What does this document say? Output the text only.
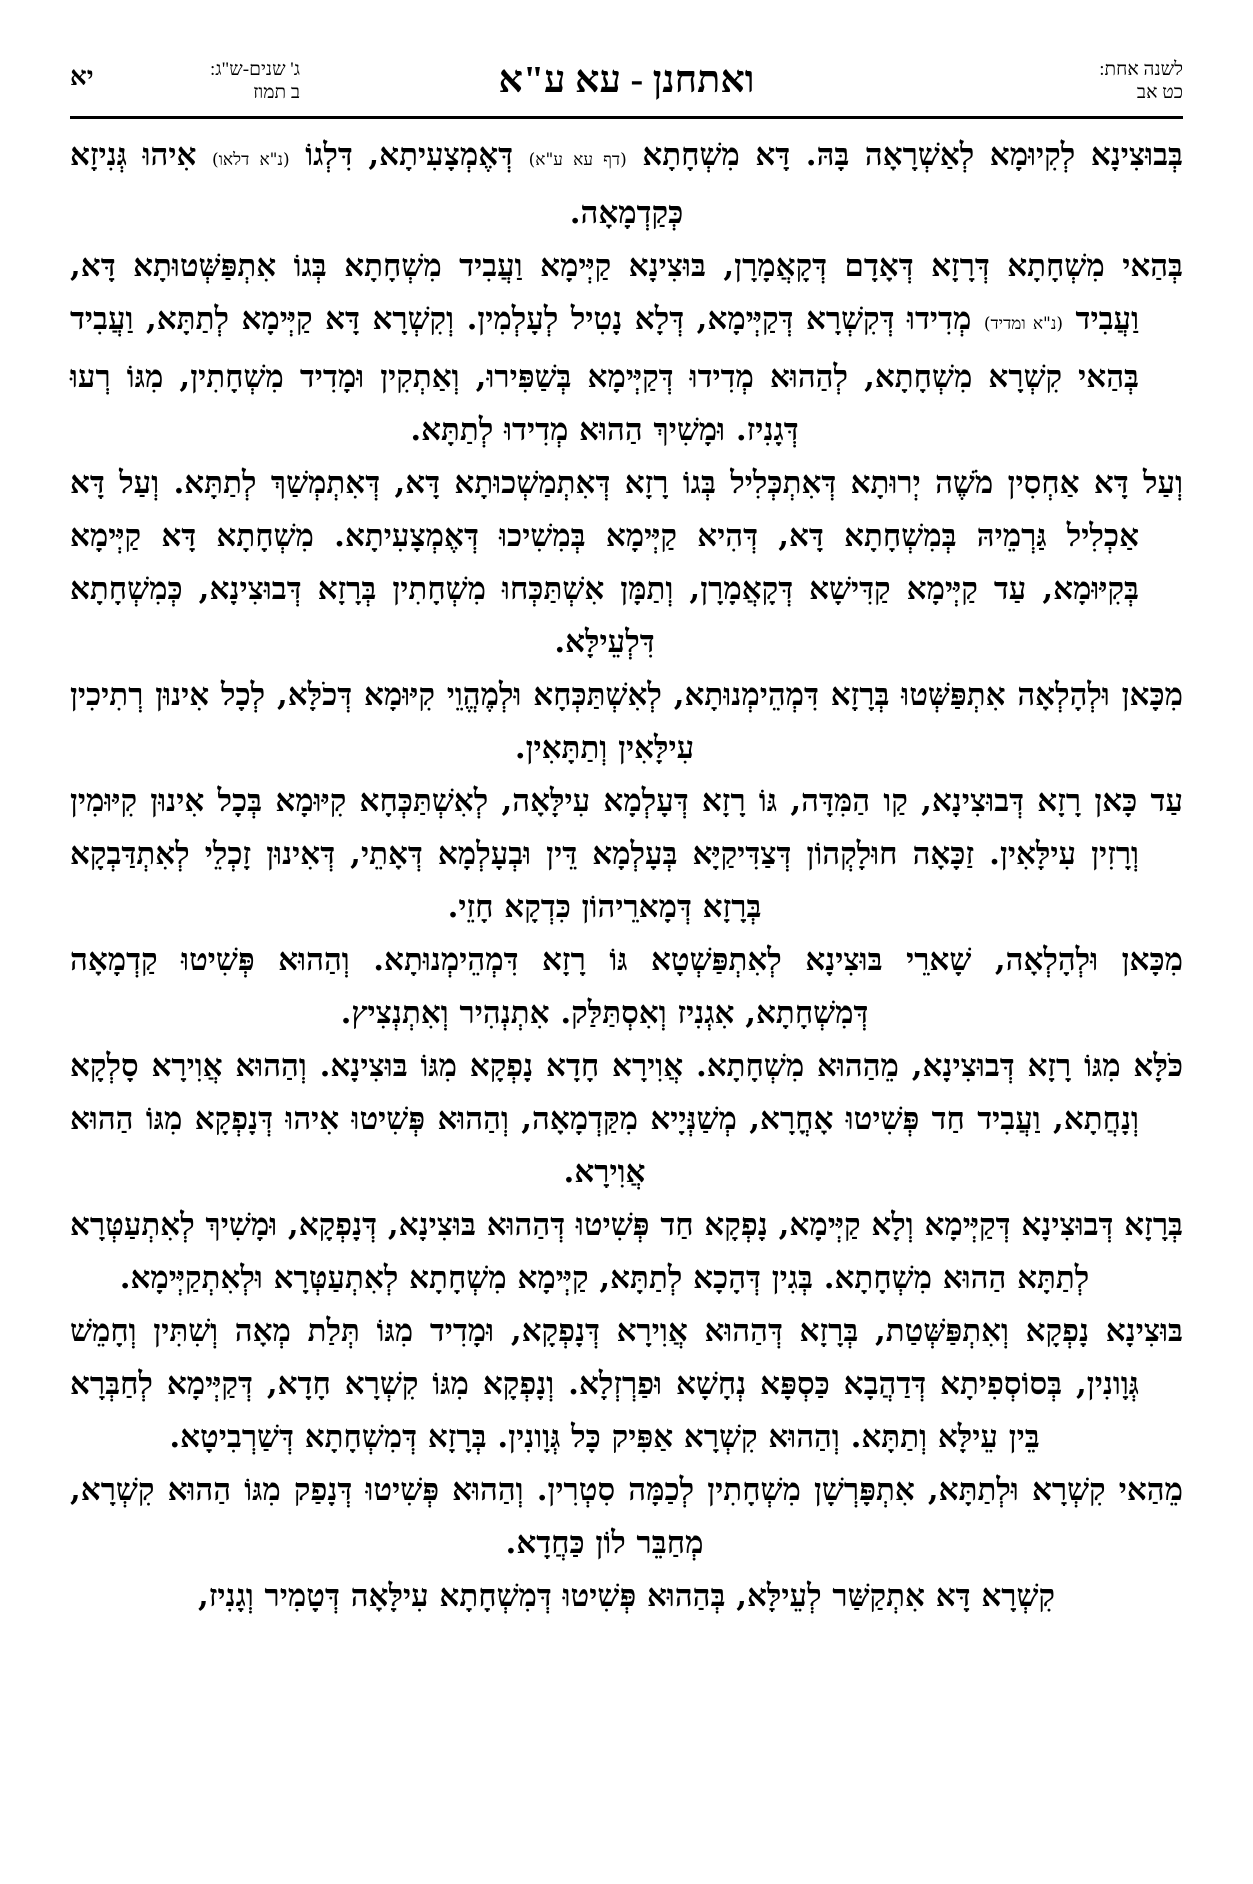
לשנה אחת:
כט אב
ואתחנן - עא ע"א
יא	ג' שנים-ש"ג:
ב תמוז

בְּבוּצִינָא לְקִיוּמָא לְאַשְׁרָאָה בָּהּ. דָּא מִשְׁחָתָא (דף עא ע"א) דְּאֶמְצָעִיתָא, דִּלְגוֹ (נ"א דלאו) אִיהוּ גְּנִיזָא כְּקַדְמָאָה.

בְּהַאי מִשְׁחָתָא דְּרָזָא דְּאָדָם דְּקָאֲמָרָן, בּוּצִינָא קַיְּימָא וַעֲבִיד מִשְׁחָתָא בְּגוֹ אִתְפַּשְּׁטוּתָא דָּא, וַעֲבִיד (נ"א ומדיד) מְדִידוּ דְּקִשְׁרָא דְּקַיְּימָא, דְּלָא נָטִיל לְעָלְמִין. וְקִשְׁרָא דָּא קַיְּימָא לְתַתָּא, וַעֲבִיד בְּהַאי קִשְׁרָא מִשְׁחָתָא, לְהַהוּא מְדִידוּ דְּקַיְּימָא בְּשַׁפִּירוּ, וְאַתְקִין וּמָדִיד מִשְׁחָתִין, מִגּוֹ רְעוּ דְּגָנִיז. וּמָשִׁיךְ הַהוּא מְדִידוּ לְתַתָּא.

וְעַל דָּא אַחְסִין מֹשֶׁה יְרוּתָא דְּאִתְכְּלִיל בְּגוֹ רָזָא דְּאִתְמַשְׁכוּתָא דָּא, דְּאִתְמְשַׁךְ לְתַתָּא. וְעַל דָּא אַכְלִיל גַּרְמֵיהּ בְּמִשְׁחָתָא דָּא, דְּהִיא קַיְּימָא בְּמִשִׁיכוּ דְּאֶמְצָעִיתָא. מִשְׁחָתָא דָּא קַיְּימָא בְּקִיּוּמָא, עַד קַיְּימָא קַדִּישָׁא דְּקָאֲמָרָן, וְתַמָּן אִשְׁתַּכְּחוּ מִשְׁחָתִין בְּרָזָא דְּבוּצִינָא, כְּמִשְׁחָתָא דִּלְעֵילָּא.

מִכָּאן וּלְהָלְאָה אִתְפַּשְּׁטוּ בְּרָזָא דִּמְהֵימְנוּתָא, לְאִשְׁתַּכְּחָא וּלְמֶהֱוֵי קִיּוּמָא דְּכֹלָּא, לְכָל אִינוּן רְתִיכִין עִילָּאִין וְתַתָּאִין.

עַד כָּאן רָזָא דְּבוּצִינָא, קַו הַמִּדָּה, גּוֹ רָזָא דְּעָלְמָא עִילָּאָה, לְאִשְׁתַּכְּחָא קִיּוּמָא בְּכָל אִינוּן קִיּוּמִין וְרָזִין עִילָּאִין. זַכָּאָה חוּלָקְהוֹן דְּצַדִּיקַיָּא בְּעָלְמָא דֵּין וּבְעָלְמָא דְּאָתֵי, דְּאִינוּן זָכְלֵי לְאִתְדַּבְקָא בְּרָזָא דְּמָארֵיהוֹן כִּדְקָא חָזֵי.

מִכָּאן וּלְהָלְאָה, שָׁארֵי בּוּצִינָא לְאִתְפַּשְׁטָא גּוֹ רָזָא דִּמְהֵימְנוּתָא. וְהַהוּא פְּשִׁיטוּ קַדְמָאָה דְּמִשְׁחָתָא, אִגְנִיז וְאִסְתַּלַּק. אִתְנְהִיר וְאִתְנְצִיץ.

כֹּלָּא מִגּוֹ רָזָא דְּבוּצִינָא, מֵהַהוּא מִשְׁחָתָא. אֲוִירָא חָדָא נָפְקָא מִגּוֹ בּוּצִינָא. וְהַהוּא אֲוִירָא סָלְקָא וְנָחֲתָא, וַעֲבִיד חַד פְּשִׁיטוּ אָחֳרָא, מְשַׁנְּיָיא מִקַּדְמָאָה, וְהַהוּא פְּשִׁיטוּ אִיהוּ דְּנָפְקָא מִגּוֹ הַהוּא אֲוִירָא.

בְּרָזָא דְּבוּצִינָא דְּקַיְּימָא וְלָא קַיְּימָא, נָפְקָא חַד פְּשִׁיטוּ דְּהַהוּא בּוּצִינָא, דְּנָפְקָא, וּמָשִׁיךְ לְאִתְעַטְּרָא לְתַתָּא הַהוּא מִשְׁחָתָא. בְּגִין דְּהָכָא לְתַתָּא, קַיְּימָא מִשְׁחָתָא לְאִתְעַטְּרָא וּלְאִתְקַיְּימָא.

בּוּצִינָא נָפְקָא וְאִתְפַּשְּׁטַת, בְּרָזָא דְּהַהוּא אֲוִירָא דְּנָפְקָא, וּמָדִיד מִגּוֹ תְּלַת מְאָה וְשִׁתִּין וְחָמֵשׁ גְּוָונִין, בְּסוֹסְפִיתָא דְּדַהֲבָא כַּסְפָּא נְחָשָׁא וּפַרְזְלָא. וְנָפְקָא מִגּוֹ קִשְׁרָא חָדָא, דְּקַיְּימָא לְחַבְּרָא בֵּין עֵילָּא וְתַתָּא. וְהַהוּא קִשְׁרָא אַפִּיק כָּל גְּוָונִין. בְּרָזָא דְּמִשְׁחָתָא דְּשַׁרְבִיטָא.

מֵהַאי קִשְׁרָא וּלְתַתָּא, אִתְפָּרְשָׁן מִשְׁחָתִין לְכַמָּה סִטְרִין. וְהַהוּא פְּשִׁיטוּ דְּנָפַק מִגּוֹ הַהוּא קִשְׁרָא, מְחַבֵּר לוֹן כַּחֲדָא.

קִשְׁרָא דָּא אִתְקַשַּׁר לְעֵילָּא, בְּהַהוּא פְּשִׁיטוּ דְּמִשְׁחָתָא עִילָּאָה דְּטָמִיר וְגָנִיז,
